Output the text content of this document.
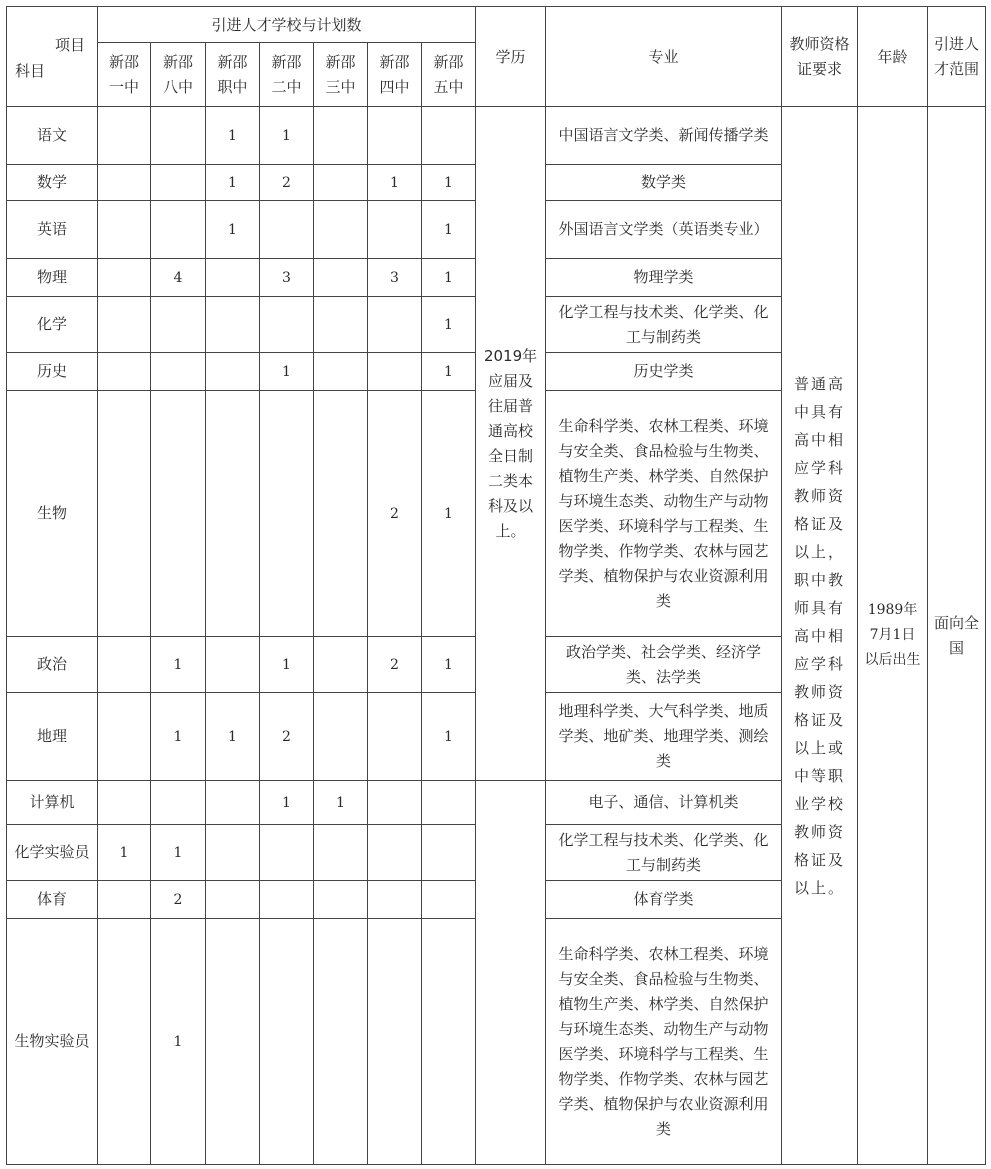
项目
科目	引进人才学校与计划数							学历	专业	教师资格证要求	年龄	引进人才范围
	新邵一中	新邵八中	新邵职中	新邵二中	新邵三中	新邵四中	新邵五中					
语文			1	1				2019年应届及往届普通高校全日制二类本科及以上。	中国语言文学类、新闻传播学类	普通高中具有高中相应学科教师资格证及以上，职中教师具有高中相应学科教师资格证及以上或中等职业学校教师资格证及以上。	1989年7月1日以后出生	面向全国
数学			1	2		1	1		数学类			
英语			1				1		外国语言文学类（英语类专业）			
物理		4		3		3	1		物理学类			
化学							1		化学工程与技术类、化学类、化工与制药类			
历史				1			1		历史学类			
生物						2	1		生命科学类、农林工程类、环境与安全类、食品检验与生物类、植物生产类、林学类、自然保护与环境生态类、动物生产与动物医学类、环境科学与工程类、生物学类、作物学类、农林与园艺学类、植物保护与农业资源利用类			
政治		1		1		2	1		政治学类、社会学类、经济学类、法学类			
地理		1	1	2			1		地理科学类、大气科学类、地质学类、地矿类、地理学类、测绘类			
计算机				1	1				电子、通信、计算机类			
化学实验员	1	1							化学工程与技术类、化学类、化工与制药类			
体育		2							体育学类			
生物实验员		1							生命科学类、农林工程类、环境与安全类、食品检验与生物类、植物生产类、林学类、自然保护与环境生态类、动物生产与动物医学类、环境科学与工程类、生物学类、作物学类、农林与园艺学类、植物保护与农业资源利用类			
